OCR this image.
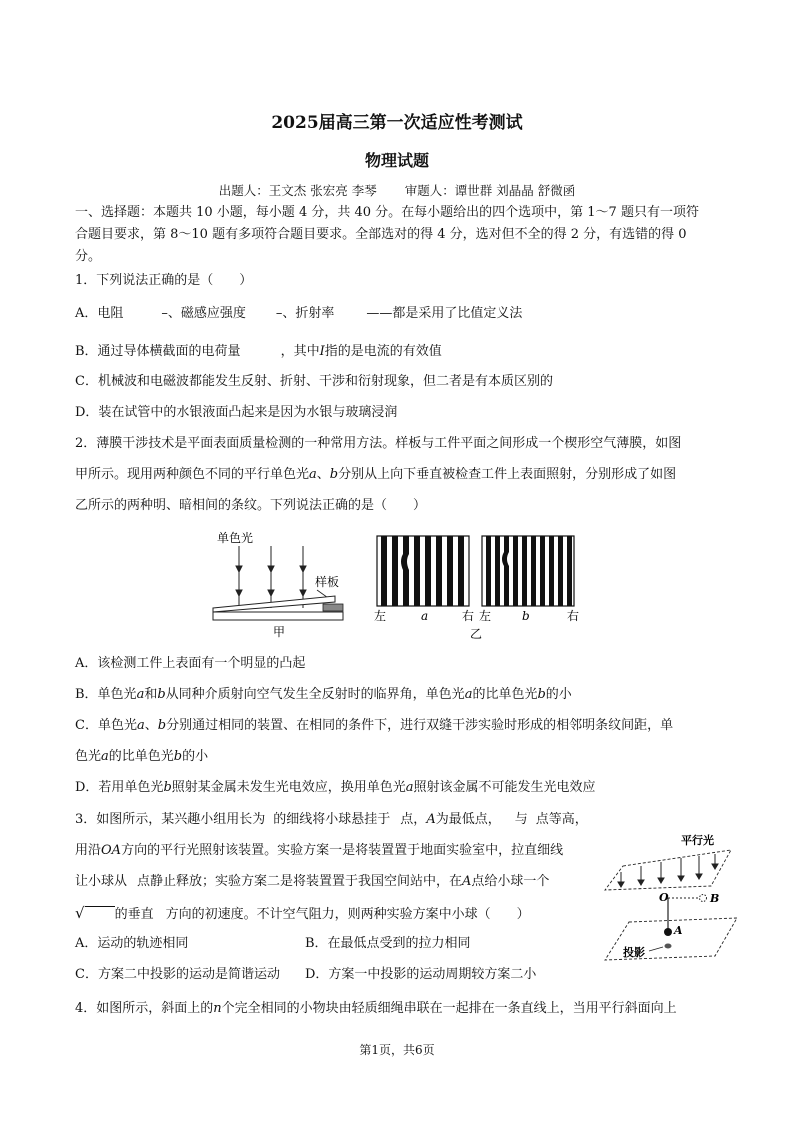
2025届高三第一次适应性考测试
物理试题
出题人：王文杰 张宏亮 李琴 审题人：谭世群 刘晶晶 舒微函
一、选择题：本题共 10 小题，每小题 4 分，共 40 分。在每小题给出的四个选项中，第 1～7 题只有一项符
合题目要求，第 8～10 题有多项符合题目要求。全部选对的得 4 分，选对但不全的得 2 分，有选错的得 0
分。
1．下列说法正确的是（　　）
A．电阻	–、磁感应强度 –、折射率 ——都是采用了比值定义法
B．通过导体横截面的电荷量	，其中I指的是电流的有效值
C．机械波和电磁波都能发生反射、折射、干涉和衍射现象，但二者是有本质区别的
D．装在试管中的水银液面凸起来是因为水银与玻璃浸润
2．薄膜干涉技术是平面表面质量检测的一种常用方法。样板与工件平面之间形成一个楔形空气薄膜，如图
甲所示。现用两种颜色不同的平行单色光a、b分别从上向下垂直被检查工件上表面照射，分别形成了如图
乙所示的两种明、暗相间的条纹。下列说法正确的是（　　）
单色光
样板
甲
左	a	右 左	b	右
乙
A．该检测工件上表面有一个明显的凸起
B．单色光a和b从同种介质射向空气发生全反射时的临界角，单色光a的比单色光b的小
C．单色光a、b分别通过相同的装置、在相同的条件下，进行双缝干涉实验时形成的相邻明条纹间距，单
色光a的比单色光b的小
D．若用单色光b照射某金属未发生光电效应，换用单色光a照射该金属不可能发生光电效应
3．如图所示，某兴趣小组用长为 的细线将小球悬挂于 点，A为最低点， 与 点等高，
用沿OA方向的平行光照射该装置。实验方案一是将装置置于地面实验室中，拉直细线
让小球从 点静止释放；实验方案二是将装置置于我国空间站中，在A点给小球一个
√ 的垂直 方向的初速度。不计空气阻力，则两种实验方案中小球（　　）
A．运动的轨迹相同	B．在最低点受到的拉力相同
C．方案二中投影的运动是简谐运动 D．方案一中投影的运动周期较方案二小
平行光
O	B
A
投影
4．如图所示，斜面上的n个完全相同的小物块由轻质细绳串联在一起排在一条直线上，当用平行斜面向上
第1页，共6页
